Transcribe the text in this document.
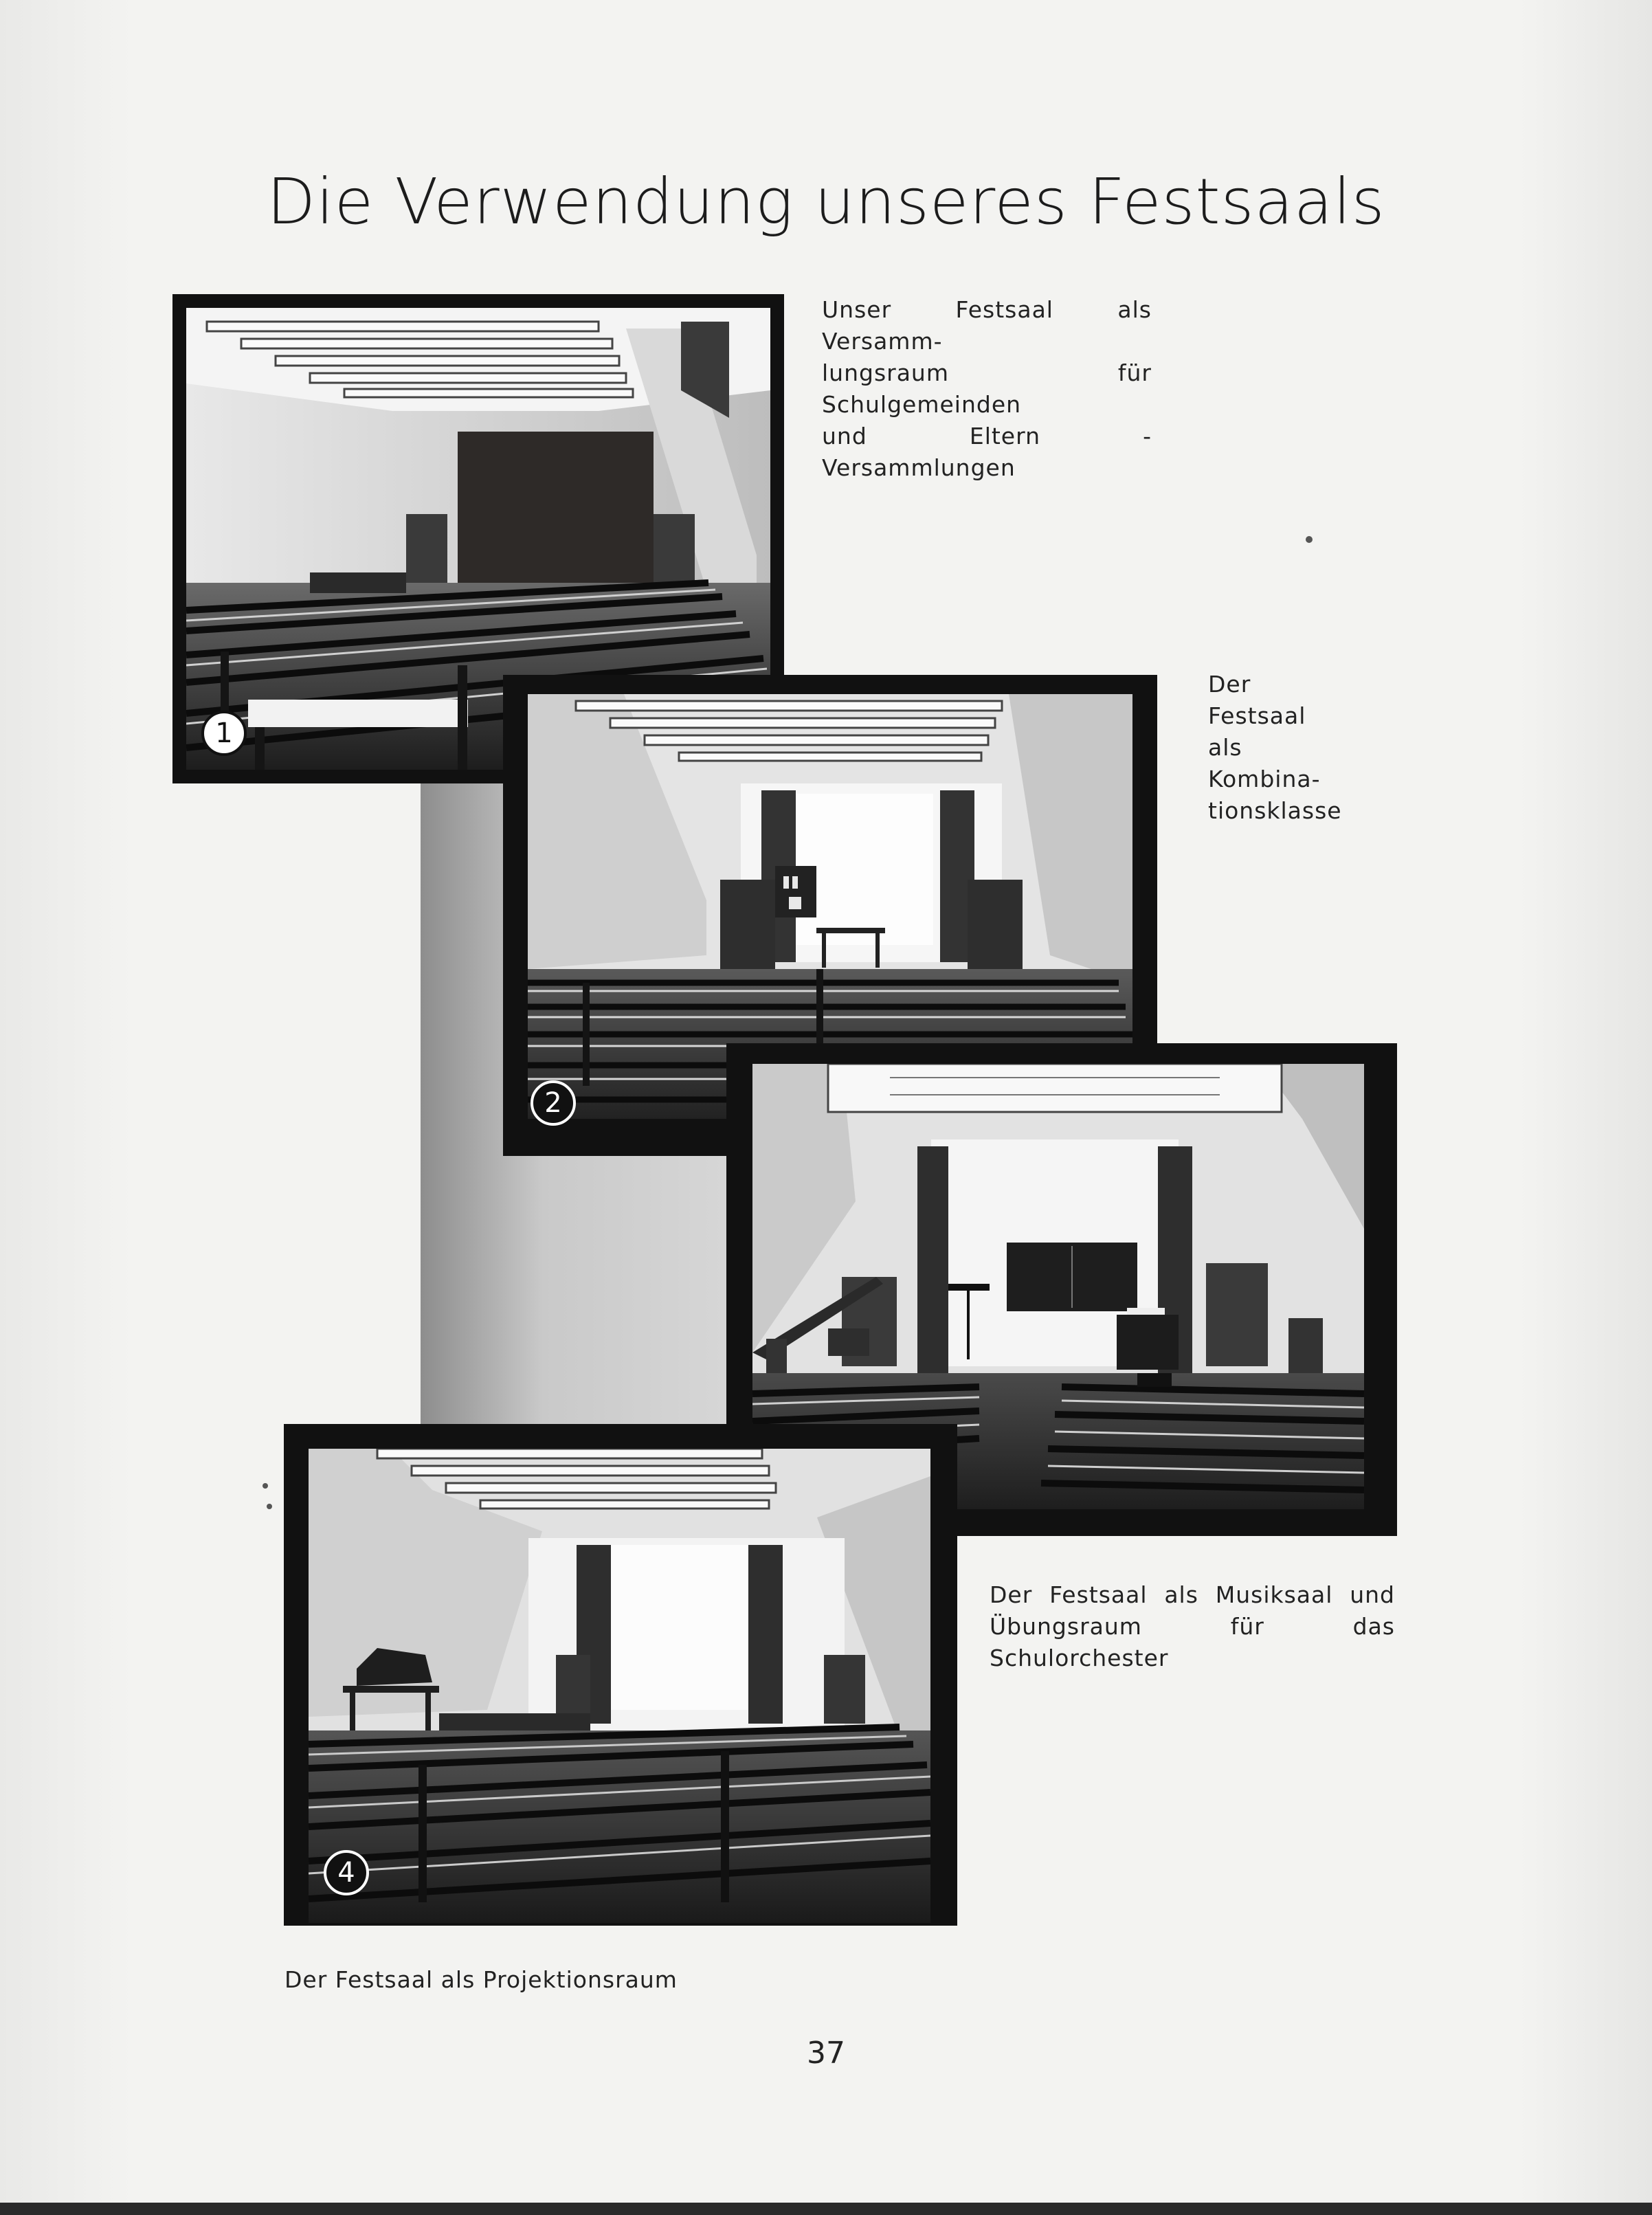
Die Verwendung unseres Festsaals
1
2
4
Unser Festsaal als Versamm-
lungsraum für Schulgemeinden
und Eltern - Versammlungen
Der Festsaal
als Kombina-
tionsklasse
Der Festsaal als Musiksaal und
Übungsraum für das Schulorchester
Der Festsaal als Projektionsraum
37
